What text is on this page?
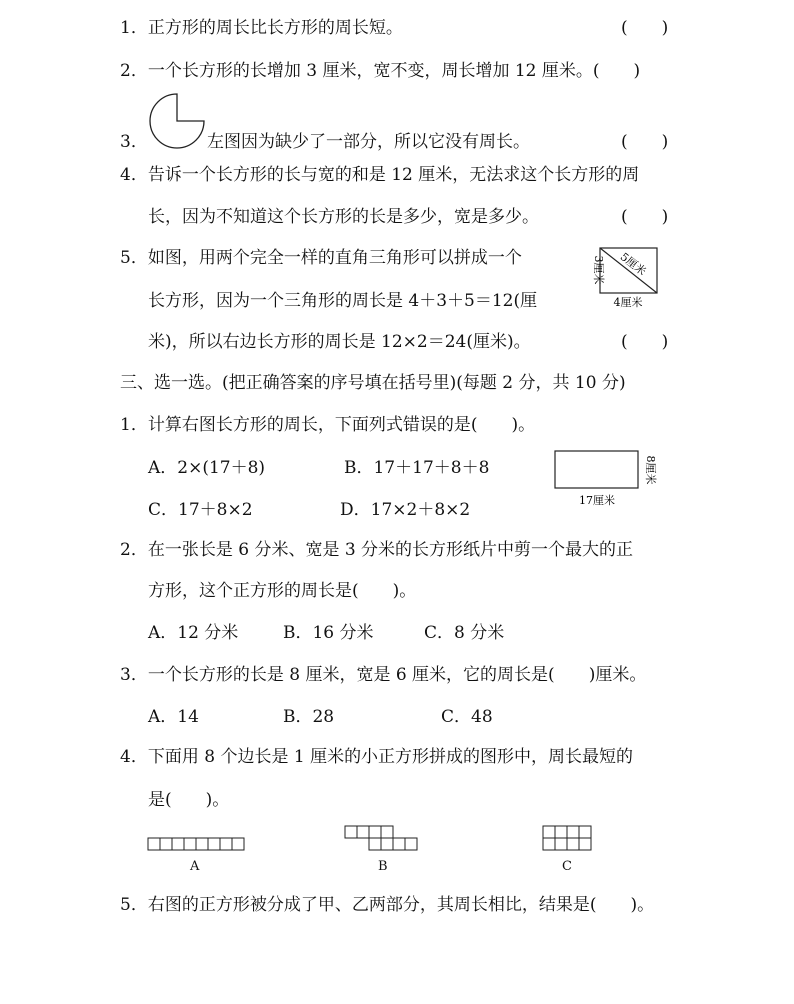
1．正方形的周长比长方形的周长短。	(　　)
2．一个长方形的长增加 3 厘米，宽不变，周长增加 12 厘米。(　　)
3．	左图因为缺少了一部分，所以它没有周长。	(　　)
4．告诉一个长方形的长与宽的和是 12 厘米，无法求这个长方形的周
长，因为不知道这个长方形的长是多少，宽是多少。	(　　)
5．如图，用两个完全一样的直角三角形可以拼成一个
长方形，因为一个三角形的周长是 4＋3＋5＝12(厘
米)，所以右边长方形的周长是 12×2＝24(厘米)。	(　　)
3厘米 5厘米
4厘米
三、选一选。(把正确答案的序号填在括号里)(每题 2 分，共 10 分)
1．计算右图长方形的周长，下面列式错误的是(　　)。
A．2×(17＋8)	B．17＋17＋8＋8
C．17＋8×2	D．17×2＋8×2	17厘米
8厘米
2．在一张长是 6 分米、宽是 3 分米的长方形纸片中剪一个最大的正
方形，这个正方形的周长是(　　)。
A．12 分米	B．16 分米	C．8 分米
3．一个长方形的长是 8 厘米，宽是 6 厘米，它的周长是(　　)厘米。
A．14	B．28	C．48
4．下面用 8 个边长是 1 厘米的小正方形拼成的图形中，周长最短的
是(　　)。
A	B	C
5．右图的正方形被分成了甲、乙两部分，其周长相比，结果是(　　)。
